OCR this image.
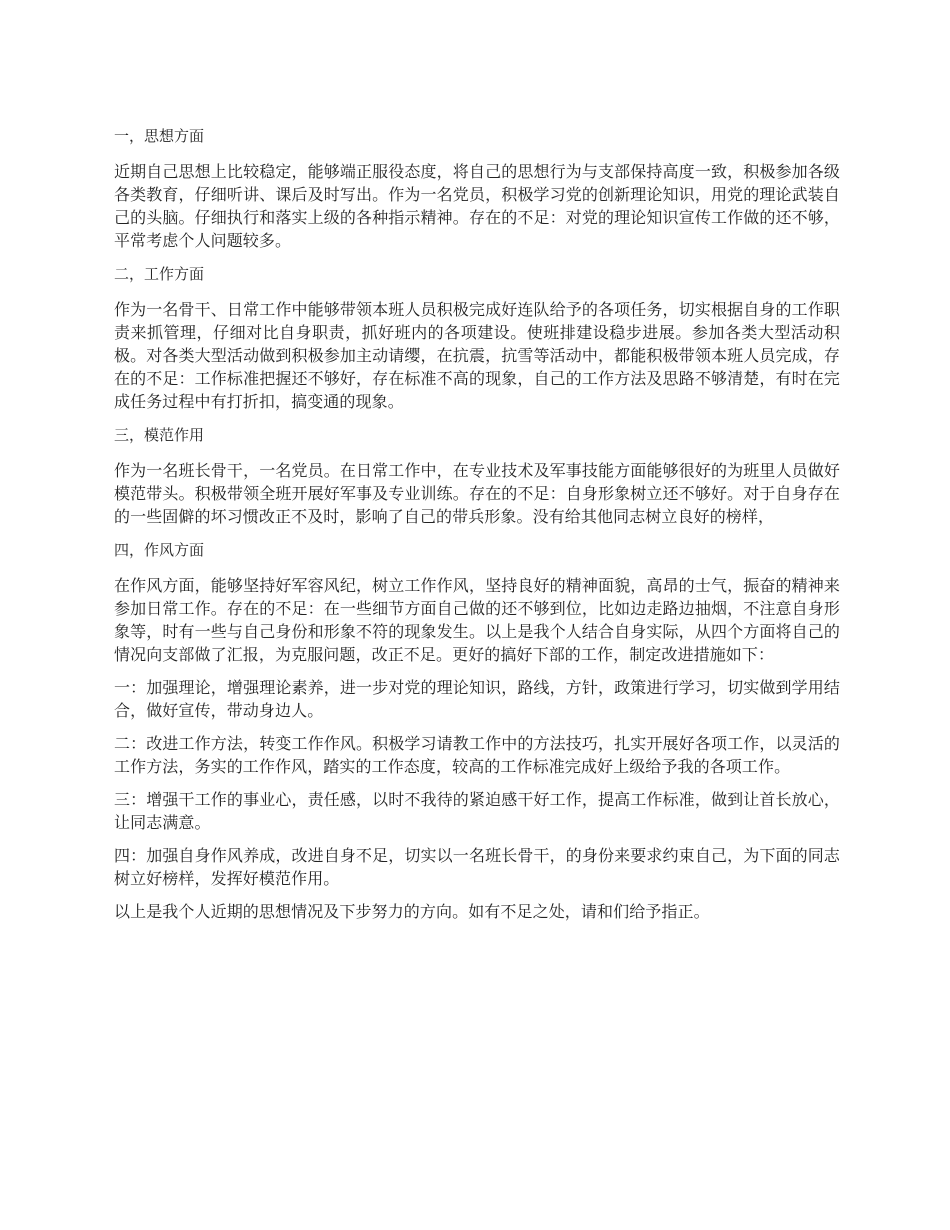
一，思想方面

近期自己思想上比较稳定，能够端正服役态度，将自己的思想行为与支部保持高度一致，积极参加各级各类教育，仔细听讲、课后及时写出。作为一名党员，积极学习党的创新理论知识，用党的理论武装自己的头脑。仔细执行和落实上级的各种指示精神。存在的不足：对党的理论知识宣传工作做的还不够，平常考虑个人问题较多。

二，工作方面

作为一名骨干、日常工作中能够带领本班人员积极完成好连队给予的各项任务，切实根据自身的工作职责来抓管理，仔细对比自身职责，抓好班内的各项建设。使班排建设稳步进展。参加各类大型活动积极。对各类大型活动做到积极参加主动请缨，在抗震，抗雪等活动中，都能积极带领本班人员完成，存在的不足：工作标准把握还不够好，存在标准不高的现象，自己的工作方法及思路不够清楚，有时在完成任务过程中有打折扣，搞变通的现象。

三，模范作用

作为一名班长骨干，一名党员。在日常工作中，在专业技术及军事技能方面能够很好的为班里人员做好模范带头。积极带领全班开展好军事及专业训练。存在的不足：自身形象树立还不够好。对于自身存在的一些固僻的坏习惯改正不及时，影响了自己的带兵形象。没有给其他同志树立良好的榜样，

四，作风方面

在作风方面，能够坚持好军容风纪，树立工作作风，坚持良好的精神面貌，高昂的士气，振奋的精神来参加日常工作。存在的不足：在一些细节方面自己做的还不够到位，比如边走路边抽烟，不注意自身形象等，时有一些与自己身份和形象不符的现象发生。以上是我个人结合自身实际，从四个方面将自己的情况向支部做了汇报，为克服问题，改正不足。更好的搞好下部的工作，制定改进措施如下：

一：加强理论，增强理论素养，进一步对党的理论知识，路线，方针，政策进行学习，切实做到学用结合，做好宣传，带动身边人。

二：改进工作方法，转变工作作风。积极学习请教工作中的方法技巧，扎实开展好各项工作，以灵活的工作方法，务实的工作作风，踏实的工作态度，较高的工作标准完成好上级给予我的各项工作。

三：增强干工作的事业心，责任感，以时不我待的紧迫感干好工作，提高工作标准，做到让首长放心，让同志满意。

四：加强自身作风养成，改进自身不足，切实以一名班长骨干，的身份来要求约束自己，为下面的同志树立好榜样，发挥好模范作用。

以上是我个人近期的思想情况及下步努力的方向。如有不足之处，请和们给予指正。
